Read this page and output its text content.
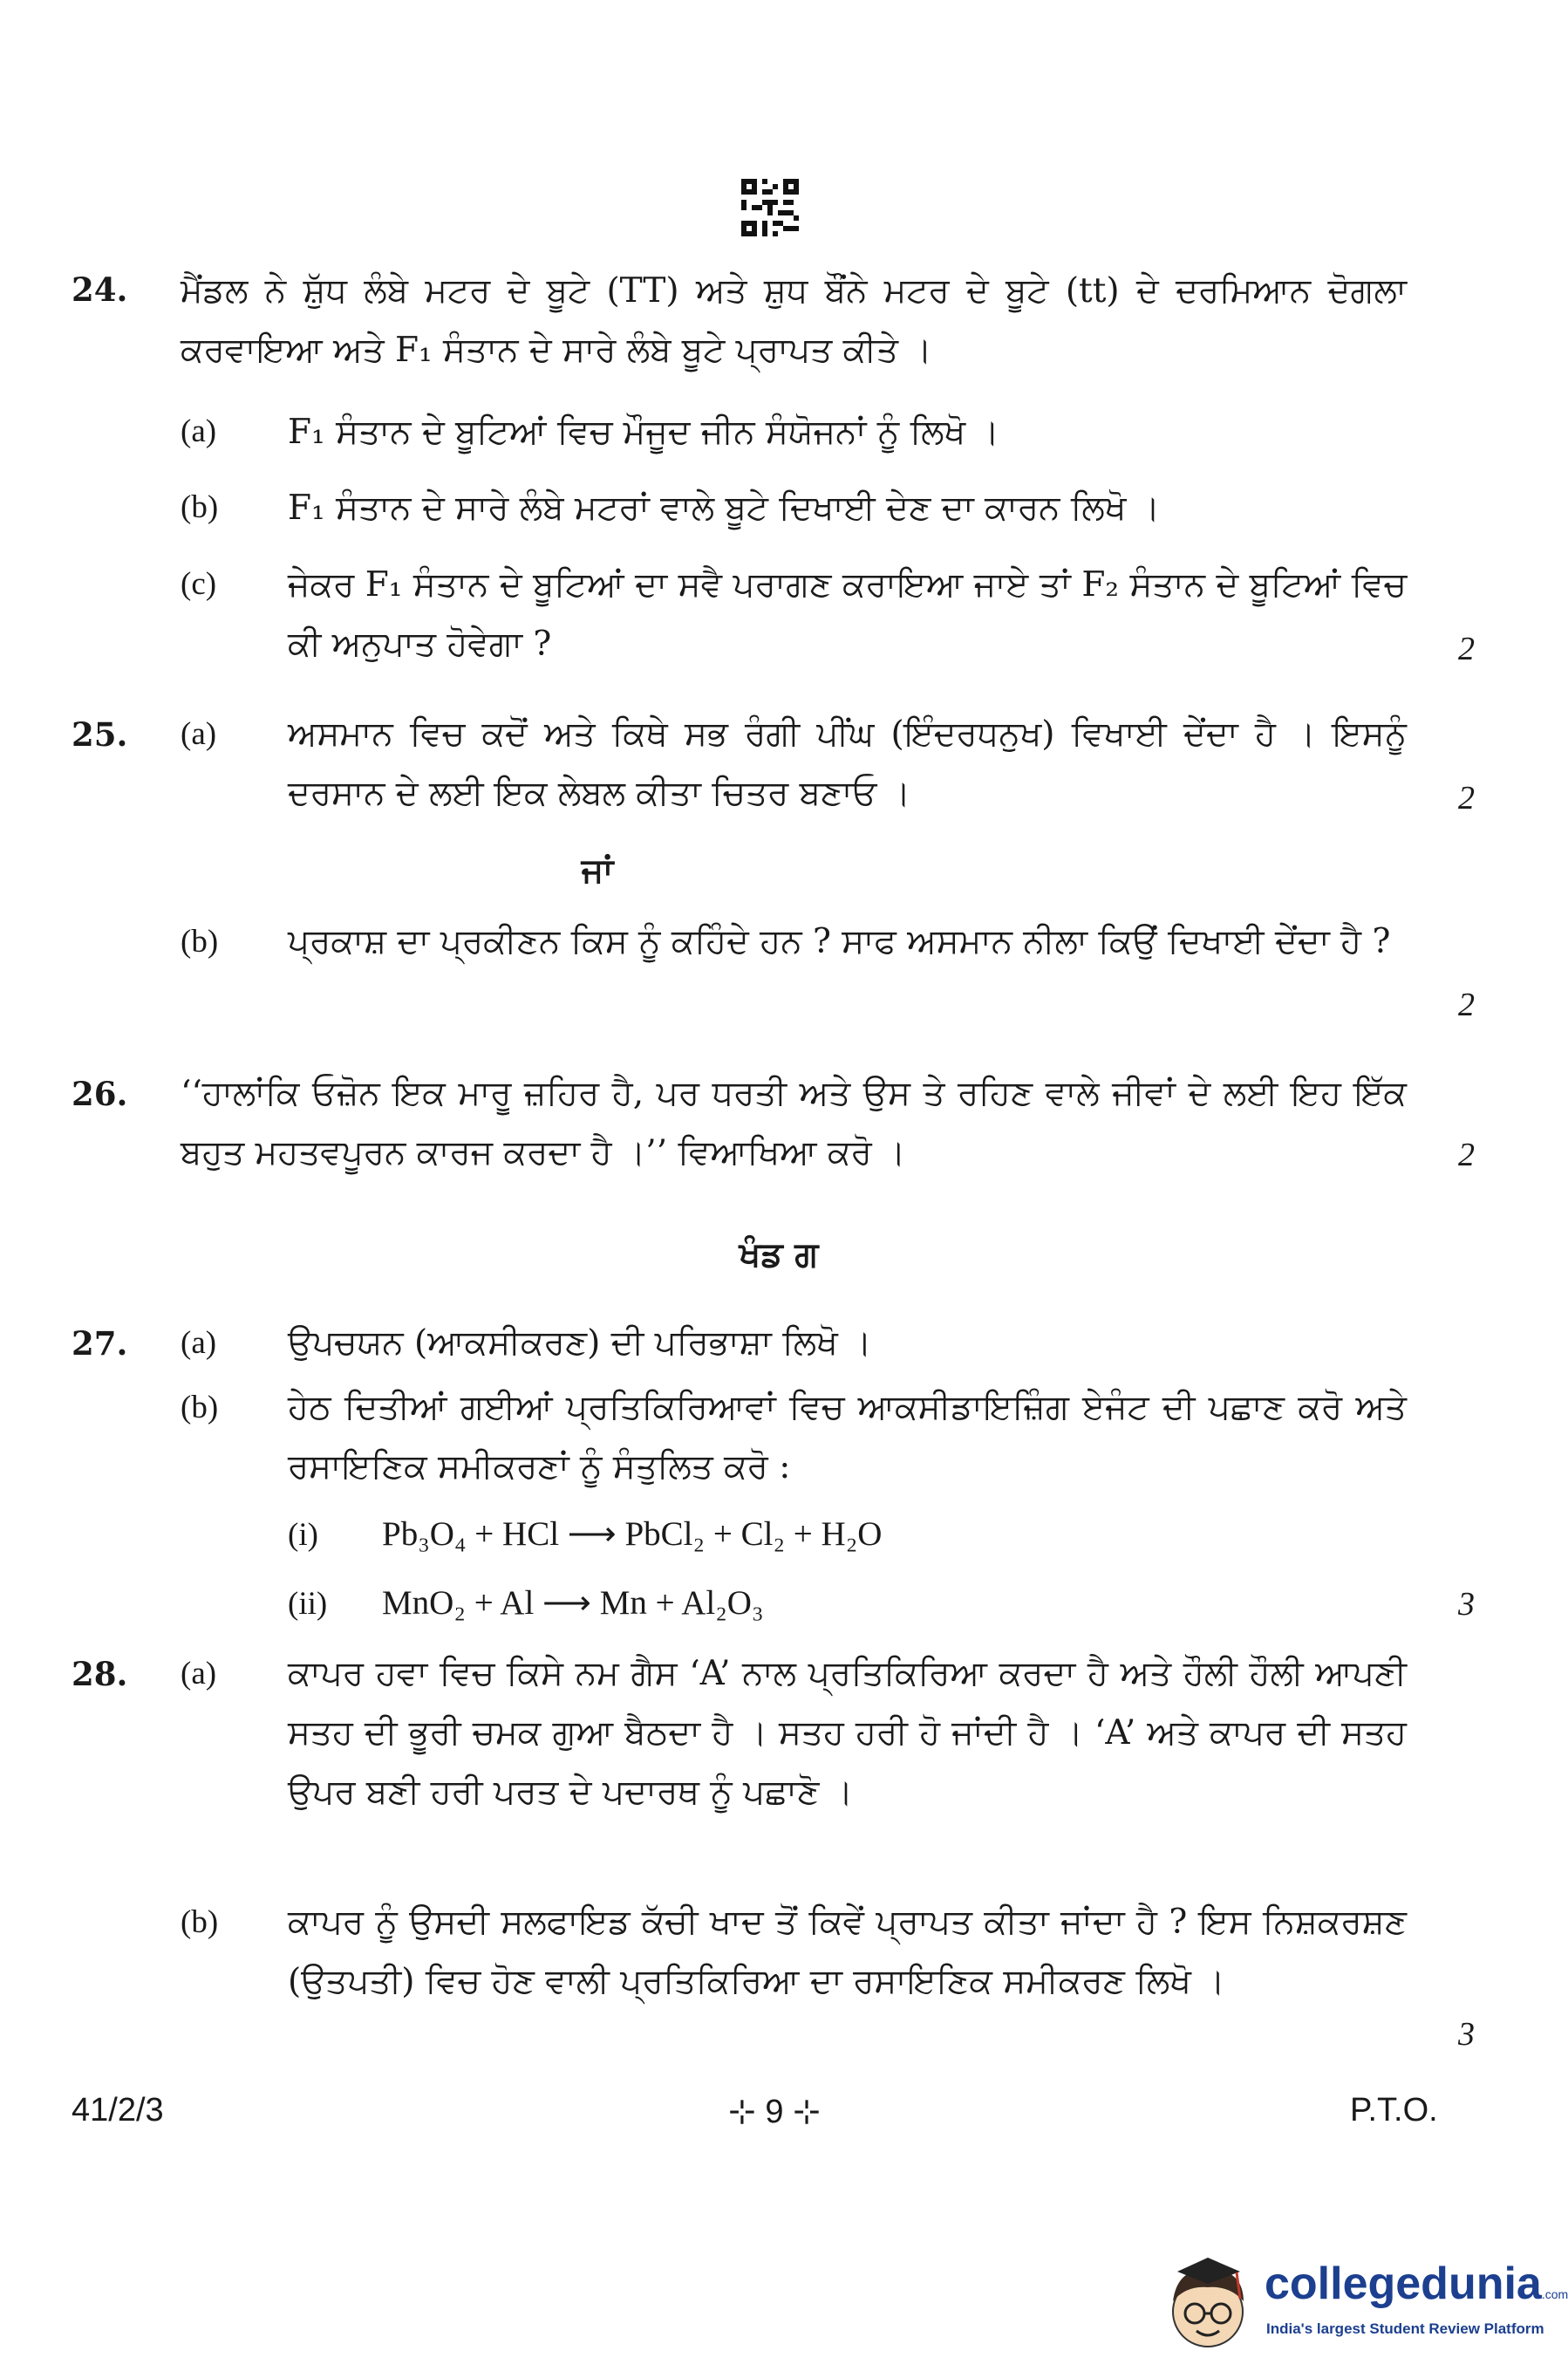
24. ਮੈਂਡਲ ਨੇ ਸ਼ੁੱਧ ਲੰਬੇ ਮਟਰ ਦੇ ਬੂਟੇ (TT) ਅਤੇ ਸ਼ੁਧ ਬੌਂਨੇ ਮਟਰ ਦੇ ਬੂਟੇ (tt) ਦੇ ਦਰਮਿਆਨ ਦੋਗਲਾ ਕਰਵਾਇਆ ਅਤੇ F₁ ਸੰਤਾਨ ਦੇ ਸਾਰੇ ਲੰਬੇ ਬੂਟੇ ਪ੍ਰਾਪਤ ਕੀਤੇ ।
(a) F₁ ਸੰਤਾਨ ਦੇ ਬੂਟਿਆਂ ਵਿਚ ਮੌਜੂਦ ਜੀਨ ਸੰਯੋਜਨਾਂ ਨੂੰ ਲਿਖੋ ।
(b) F₁ ਸੰਤਾਨ ਦੇ ਸਾਰੇ ਲੰਬੇ ਮਟਰਾਂ ਵਾਲੇ ਬੂਟੇ ਦਿਖਾਈ ਦੇਣ ਦਾ ਕਾਰਨ ਲਿਖੋ ।
(c) ਜੇਕਰ F₁ ਸੰਤਾਨ ਦੇ ਬੂਟਿਆਂ ਦਾ ਸਵੈ ਪਰਾਗਣ ਕਰਾਇਆ ਜਾਏ ਤਾਂ F₂ ਸੰਤਾਨ ਦੇ ਬੂਟਿਆਂ ਵਿਚ ਕੀ ਅਨੁਪਾਤ ਹੋਵੇਗਾ ?	2
25. (a) ਅਸਮਾਨ ਵਿਚ ਕਦੋਂ ਅਤੇ ਕਿਥੇ ਸਭ ਰੰਗੀ ਪੀਂਘ (ਇੰਦਰਧਨੁਖ) ਵਿਖਾਈ ਦੇਂਦਾ ਹੈ । ਇਸਨੂੰ ਦਰਸਾਨ ਦੇ ਲਈ ਇਕ ਲੇਬਲ ਕੀਤਾ ਚਿਤਰ ਬਣਾਓ ।	2
ਜਾਂ
(b) ਪ੍ਰਕਾਸ਼ ਦਾ ਪ੍ਰਕੀਣਨ ਕਿਸ ਨੂੰ ਕਹਿੰਦੇ ਹਨ ? ਸਾਫ ਅਸਮਾਨ ਨੀਲਾ ਕਿਉਂ ਦਿਖਾਈ ਦੇਂਦਾ ਹੈ ?
2
26. ‘‘ਹਾਲਾਂਕਿ ਓਜ਼ੋਨ ਇਕ ਮਾਰੂ ਜ਼ਹਿਰ ਹੈ, ਪਰ ਧਰਤੀ ਅਤੇ ਉਸ ਤੇ ਰਹਿਣ ਵਾਲੇ ਜੀਵਾਂ ਦੇ ਲਈ ਇਹ ਇੱਕ ਬਹੁਤ ਮਹਤਵਪੂਰਨ ਕਾਰਜ ਕਰਦਾ ਹੈ ।’’ ਵਿਆਖਿਆ ਕਰੋ ।	2
ਖੰਡ ਗ
27. (a) ਉਪਚਯਨ (ਆਕਸੀਕਰਣ) ਦੀ ਪਰਿਭਾਸ਼ਾ ਲਿਖੋ ।
(b) ਹੇਠ ਦਿਤੀਆਂ ਗਈਆਂ ਪ੍ਰਤਿਕਿਰਿਆਵਾਂ ਵਿਚ ਆਕਸੀਡਾਇਜ਼ਿੰਗ ਏਜੰਟ ਦੀ ਪਛਾਣ ਕਰੋ ਅਤੇ ਰਸਾਇਣਿਕ ਸਮੀਕਰਣਾਂ ਨੂੰ ਸੰਤੁਲਿਤ ਕਰੋ :
(i) Pb₃O₄ + HCl ⟶ PbCl₂ + Cl₂ + H₂O
(ii) MnO₂ + Al ⟶ Mn + Al₂O₃	3
28. (a) ਕਾਪਰ ਹਵਾ ਵਿਚ ਕਿਸੇ ਨਮ ਗੈਸ ‘A’ ਨਾਲ ਪ੍ਰਤਿਕਿਰਿਆ ਕਰਦਾ ਹੈ ਅਤੇ ਹੌਲੀ ਹੌਲੀ ਆਪਣੀ ਸਤਹ ਦੀ ਭੂਰੀ ਚਮਕ ਗੁਆ ਬੈਠਦਾ ਹੈ । ਸਤਹ ਹਰੀ ਹੋ ਜਾਂਦੀ ਹੈ । ‘A’ ਅਤੇ ਕਾਪਰ ਦੀ ਸਤਹ ਉਪਰ ਬਣੀ ਹਰੀ ਪਰਤ ਦੇ ਪਦਾਰਥ ਨੂੰ ਪਛਾਣੋ ।
(b) ਕਾਪਰ ਨੂੰ ਉਸਦੀ ਸਲਫਾਇਡ ਕੱਚੀ ਖਾਦ ਤੋਂ ਕਿਵੇਂ ਪ੍ਰਾਪਤ ਕੀਤਾ ਜਾਂਦਾ ਹੈ ? ਇਸ ਨਿਸ਼ਕਰਸ਼ਣ (ਉਤਪਤੀ) ਵਿਚ ਹੋਣ ਵਾਲੀ ਪ੍ਰਤਿਕਿਰਿਆ ਦਾ ਰਸਾਇਣਿਕ ਸਮੀਕਰਣ ਲਿਖੋ ।
3
41/2/3	⊹ 9 ⊹	P.T.O.
collegedunia.com
India's largest Student Review Platform
